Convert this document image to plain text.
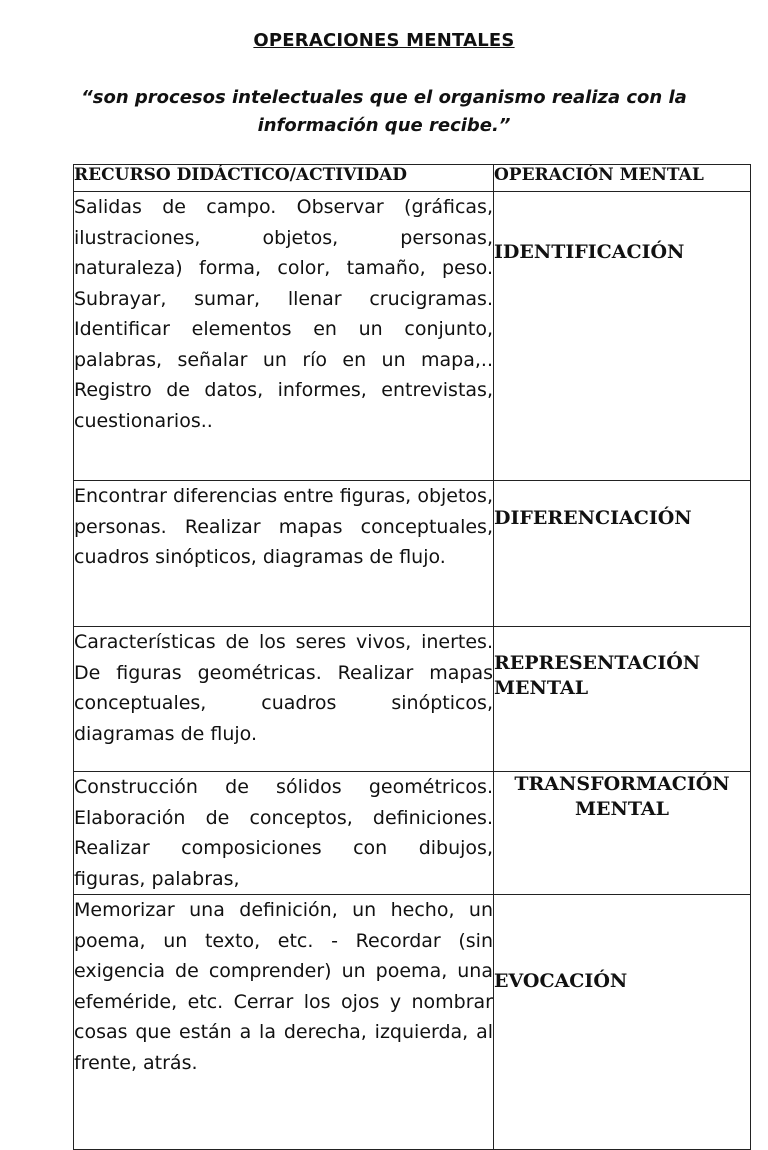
OPERACIONES MENTALES
“son procesos intelectuales que el organismo realiza con la información que recibe.”
RECURSO DIDÁCTICO/ACTIVIDAD	OPERACIÓN MENTAL
Salidas de campo. Observar (gráficas, ilustraciones, objetos, personas, naturaleza) forma, color, tamaño, peso. Subrayar, sumar, llenar crucigramas. Identificar elementos en un conjunto, palabras, señalar un río en un mapa,.. Registro de datos, informes, entrevistas, cuestionarios..	IDENTIFICACIÓN

Encontrar diferencias entre figuras, objetos, personas. Realizar mapas conceptuales, cuadros sinópticos, diagramas de flujo.	DIFERENCIACIÓN

Características de los seres vivos, inertes. De figuras geométricas. Realizar mapas conceptuales, cuadros sinópticos, diagramas de flujo.	REPRESENTACIÓN MENTAL

Construcción de sólidos geométricos. Elaboración de conceptos, definiciones. Realizar composiciones con dibujos, figuras, palabras,	TRANSFORMACIÓN MENTAL

Memorizar una definición, un hecho, un poema, un texto, etc. - Recordar (sin exigencia de comprender) un poema, una efeméride, etc. Cerrar los ojos y nombrar cosas que están a la derecha, izquierda, al frente, atrás.	EVOCACIÓN
